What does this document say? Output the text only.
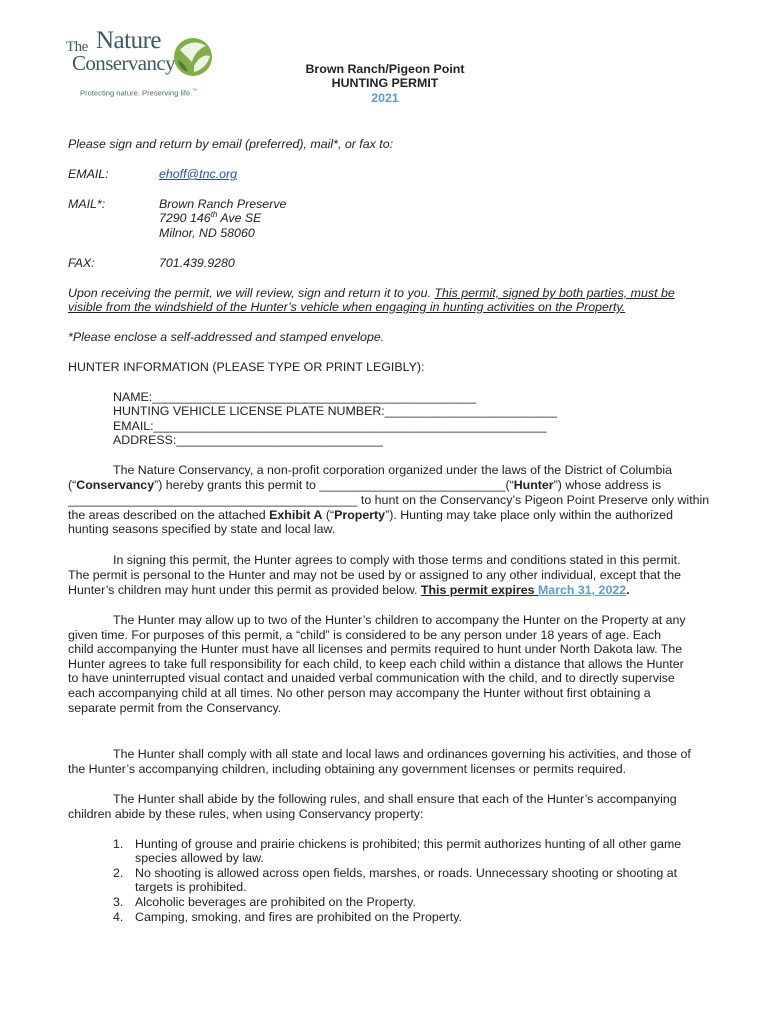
The Nature
Conservancy
Protecting nature. Preserving life.™
Brown Ranch/Pigeon Point
HUNTING PERMIT
2021
Please sign and return by email (preferred), mail*, or fax to:
EMAIL:	ehoff@tnc.org
MAIL*:	Brown Ranch Preserve
7290 146th Ave SE
Milnor, ND 58060
FAX:	701.439.9280
Upon receiving the permit, we will review, sign and return it to you. This permit, signed by both parties, must be
visible from the windshield of the Hunter’s vehicle when engaging in hunting activities on the Property.
*Please enclose a self-addressed and stamped envelope.
HUNTER INFORMATION (PLEASE TYPE OR PRINT LEGIBLY):
NAME:_______________________________________________
HUNTING VEHICLE LICENSE PLATE NUMBER:_________________________
EMAIL:_________________________________________________________
ADDRESS:______________________________
The Nature Conservancy, a non-profit corporation organized under the laws of the District of Columbia
(“Conservancy”) hereby grants this permit to ___________________________(“Hunter”) whose address is
__________________________________________ to hunt on the Conservancy’s Pigeon Point Preserve only within
the areas described on the attached Exhibit A (“Property”). Hunting may take place only within the authorized
hunting seasons specified by state and local law.
In signing this permit, the Hunter agrees to comply with those terms and conditions stated in this permit.
The permit is personal to the Hunter and may not be used by or assigned to any other individual, except that the
Hunter’s children may hunt under this permit as provided below. This permit expires March 31, 2022.
The Hunter may allow up to two of the Hunter’s children to accompany the Hunter on the Property at any
given time. For purposes of this permit, a “child” is considered to be any person under 18 years of age. Each
child accompanying the Hunter must have all licenses and permits required to hunt under North Dakota law. The
Hunter agrees to take full responsibility for each child, to keep each child within a distance that allows the Hunter
to have uninterrupted visual contact and unaided verbal communication with the child, and to directly supervise
each accompanying child at all times. No other person may accompany the Hunter without first obtaining a
separate permit from the Conservancy.
The Hunter shall comply with all state and local laws and ordinances governing his activities, and those of
the Hunter’s accompanying children, including obtaining any government licenses or permits required.
The Hunter shall abide by the following rules, and shall ensure that each of the Hunter’s accompanying
children abide by these rules, when using Conservancy property:
1. Hunting of grouse and prairie chickens is prohibited; this permit authorizes hunting of all other game
species allowed by law.
2. No shooting is allowed across open fields, marshes, or roads. Unnecessary shooting or shooting at
targets is prohibited.
3. Alcoholic beverages are prohibited on the Property.
4. Camping, smoking, and fires are prohibited on the Property.
